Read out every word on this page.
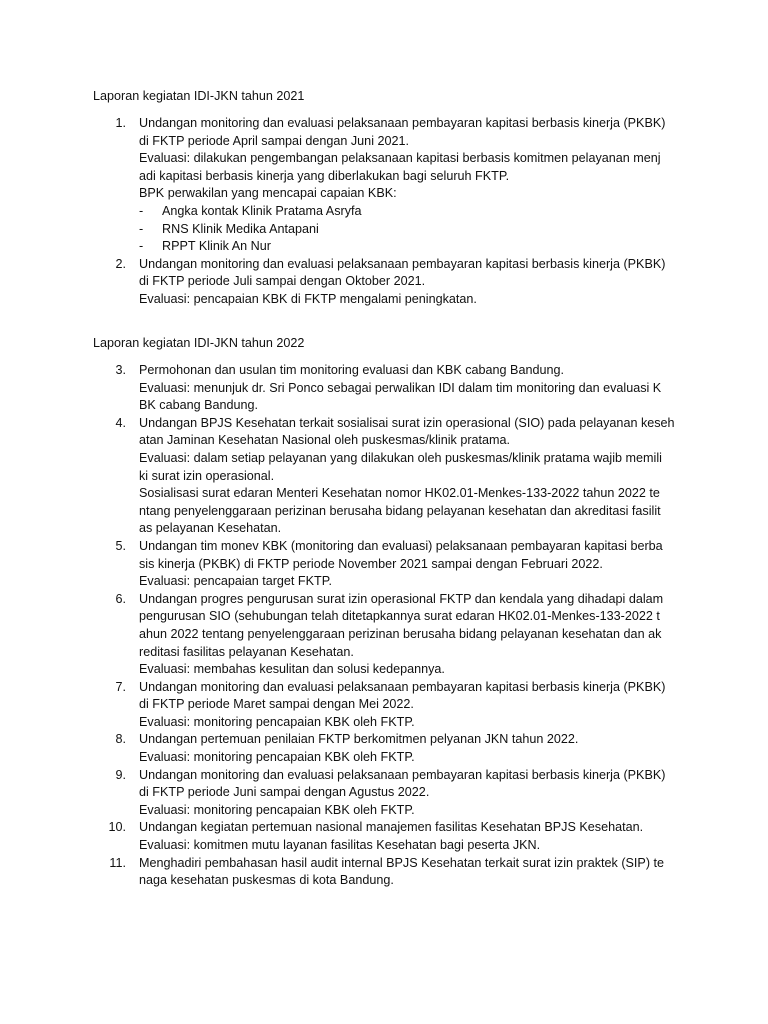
Laporan kegiatan IDI-JKN tahun 2021
1. Undangan monitoring dan evaluasi pelaksanaan pembayaran kapitasi berbasis kinerja (PKBK)
di FKTP periode April sampai dengan Juni 2021.
Evaluasi: dilakukan pengembangan pelaksanaan kapitasi berbasis komitmen pelayanan menj
adi kapitasi berbasis kinerja yang diberlakukan bagi seluruh FKTP.
BPK perwakilan yang mencapai capaian KBK:
- Angka kontak Klinik Pratama Asryfa
- RNS Klinik Medika Antapani
- RPPT Klinik An Nur
2. Undangan monitoring dan evaluasi pelaksanaan pembayaran kapitasi berbasis kinerja (PKBK)
di FKTP periode Juli sampai dengan Oktober 2021.
Evaluasi: pencapaian KBK di FKTP mengalami peningkatan.
Laporan kegiatan IDI-JKN tahun 2022
3. Permohonan dan usulan tim monitoring evaluasi dan KBK cabang Bandung.
Evaluasi: menunjuk dr. Sri Ponco sebagai perwalikan IDI dalam tim monitoring dan evaluasi K
BK cabang Bandung.
4. Undangan BPJS Kesehatan terkait sosialisai surat izin operasional (SIO) pada pelayanan keseh
atan Jaminan Kesehatan Nasional oleh puskesmas/klinik pratama.
Evaluasi: dalam setiap pelayanan yang dilakukan oleh puskesmas/klinik pratama wajib memili
ki surat izin operasional.
Sosialisasi surat edaran Menteri Kesehatan nomor HK02.01-Menkes-133-2022 tahun 2022 te
ntang penyelenggaraan perizinan berusaha bidang pelayanan kesehatan dan akreditasi fasilit
as pelayanan Kesehatan.
5. Undangan tim monev KBK (monitoring dan evaluasi) pelaksanaan pembayaran kapitasi berba
sis kinerja (PKBK) di FKTP periode November 2021 sampai dengan Februari 2022.
Evaluasi: pencapaian target FKTP.
6. Undangan progres pengurusan surat izin operasional FKTP dan kendala yang dihadapi dalam
pengurusan SIO (sehubungan telah ditetapkannya surat edaran HK02.01-Menkes-133-2022 t
ahun 2022 tentang penyelenggaraan perizinan berusaha bidang pelayanan kesehatan dan ak
reditasi fasilitas pelayanan Kesehatan.
Evaluasi: membahas kesulitan dan solusi kedepannya.
7. Undangan monitoring dan evaluasi pelaksanaan pembayaran kapitasi berbasis kinerja (PKBK)
di FKTP periode Maret sampai dengan Mei 2022.
Evaluasi: monitoring pencapaian KBK oleh FKTP.
8. Undangan pertemuan penilaian FKTP berkomitmen pelyanan JKN tahun 2022.
Evaluasi: monitoring pencapaian KBK oleh FKTP.
9. Undangan monitoring dan evaluasi pelaksanaan pembayaran kapitasi berbasis kinerja (PKBK)
di FKTP periode Juni sampai dengan Agustus 2022.
Evaluasi: monitoring pencapaian KBK oleh FKTP.
10. Undangan kegiatan pertemuan nasional manajemen fasilitas Kesehatan BPJS Kesehatan.
Evaluasi: komitmen mutu layanan fasilitas Kesehatan bagi peserta JKN.
11. Menghadiri pembahasan hasil audit internal BPJS Kesehatan terkait surat izin praktek (SIP) te
naga kesehatan puskesmas di kota Bandung.
